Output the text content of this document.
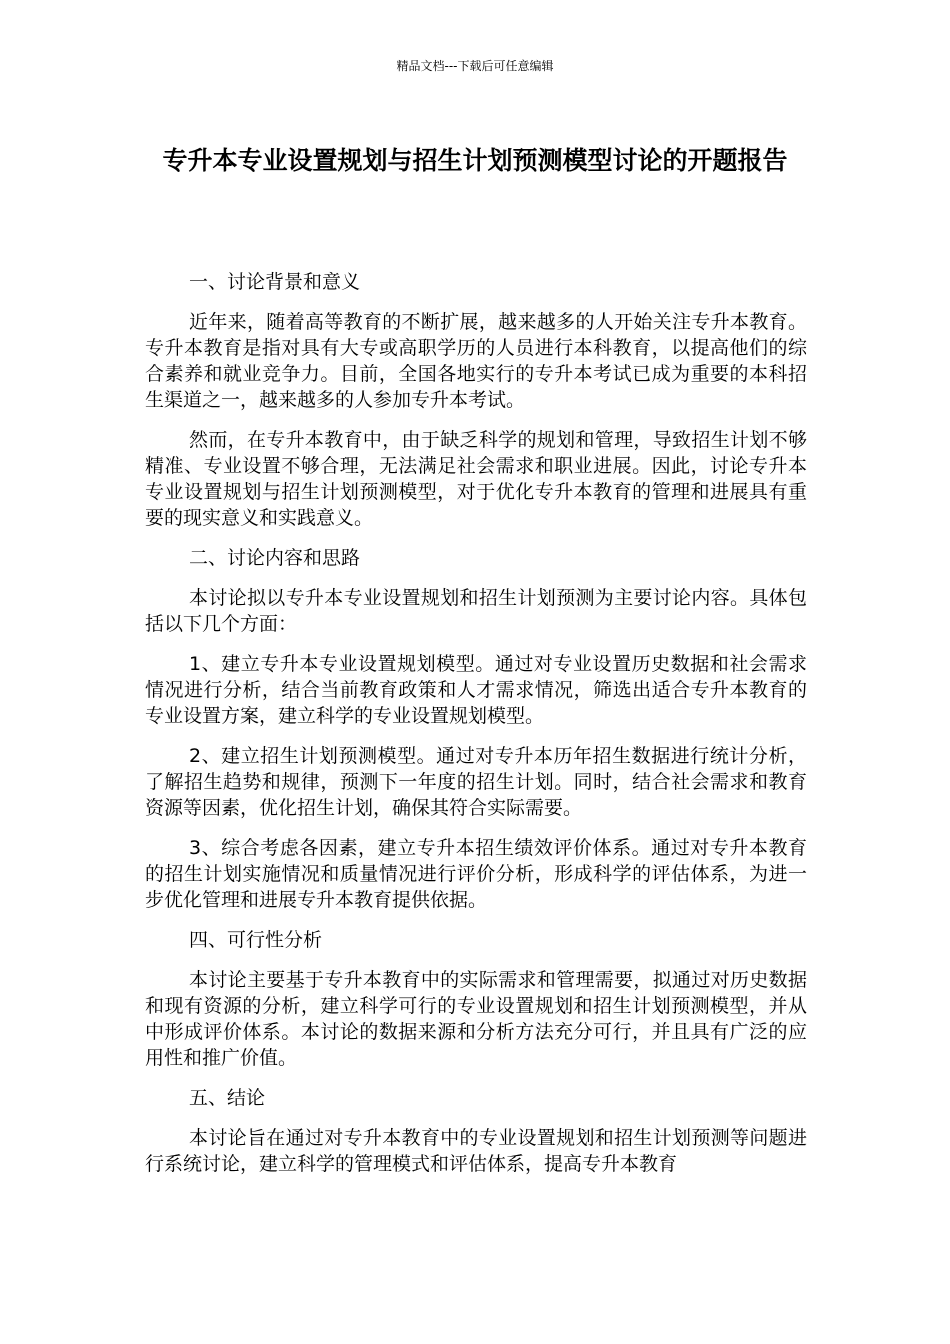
精品文档---下载后可任意编辑
专升本专业设置规划与招生计划预测模型讨论的开题报告

一、讨论背景和意义

近年来，随着高等教育的不断扩展，越来越多的人开始关注专升本教育。专升本教育是指对具有大专或高职学历的人员进行本科教育，以提高他们的综合素养和就业竞争力。目前，全国各地实行的专升本考试已成为重要的本科招生渠道之一，越来越多的人参加专升本考试。

然而，在专升本教育中，由于缺乏科学的规划和管理，导致招生计划不够精准、专业设置不够合理，无法满足社会需求和职业进展。因此，讨论专升本专业设置规划与招生计划预测模型，对于优化专升本教育的管理和进展具有重要的现实意义和实践意义。

二、讨论内容和思路

本讨论拟以专升本专业设置规划和招生计划预测为主要讨论内容。具体包括以下几个方面：

1、建立专升本专业设置规划模型。通过对专业设置历史数据和社会需求情况进行分析，结合当前教育政策和人才需求情况，筛选出适合专升本教育的专业设置方案，建立科学的专业设置规划模型。

2、建立招生计划预测模型。通过对专升本历年招生数据进行统计分析，了解招生趋势和规律，预测下一年度的招生计划。同时，结合社会需求和教育资源等因素，优化招生计划，确保其符合实际需要。

3、综合考虑各因素，建立专升本招生绩效评价体系。通过对专升本教育的招生计划实施情况和质量情况进行评价分析，形成科学的评估体系，为进一步优化管理和进展专升本教育提供依据。

四、可行性分析

本讨论主要基于专升本教育中的实际需求和管理需要，拟通过对历史数据和现有资源的分析，建立科学可行的专业设置规划和招生计划预测模型，并从中形成评价体系。本讨论的数据来源和分析方法充分可行，并且具有广泛的应用性和推广价值。

五、结论

本讨论旨在通过对专升本教育中的专业设置规划和招生计划预测等问题进行系统讨论，建立科学的管理模式和评估体系，提高专升本教育
